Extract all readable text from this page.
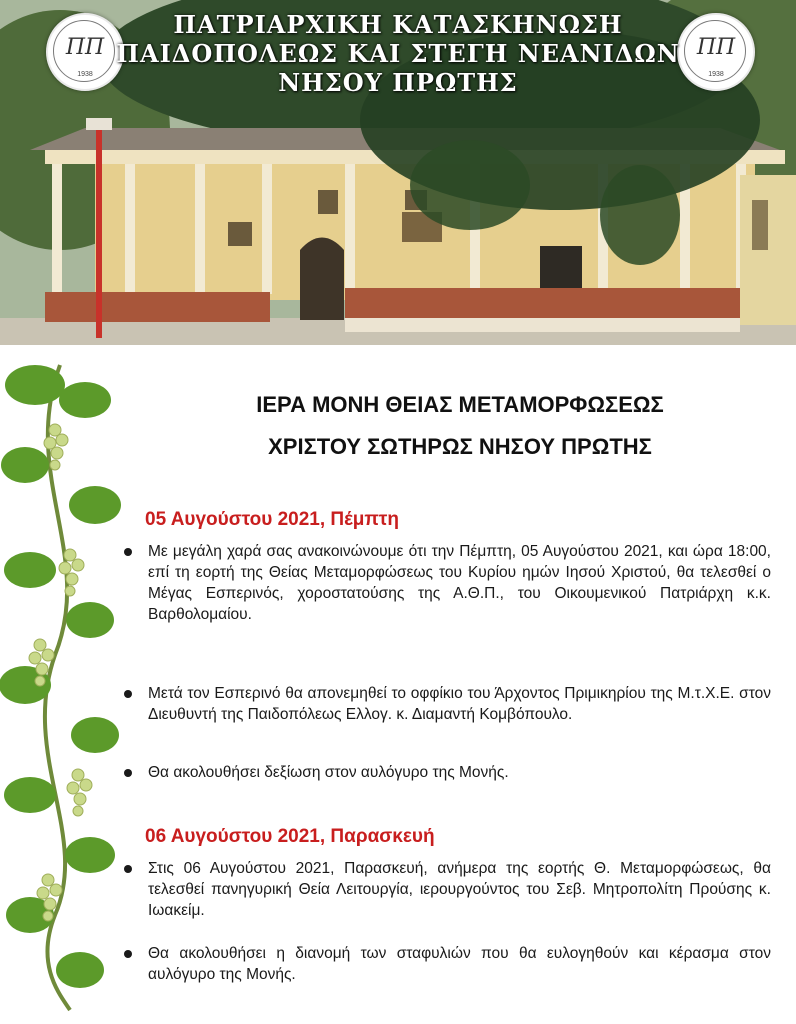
ΠΠ
1938
ΠΠ
1938
ΠΑΤΡΙΑΡΧΙΚΗ ΚΑΤΑΣΚΗΝΩΣΗ
ΠΑΙΔΟΠΟΛΕΩΣ ΚΑΙ ΣΤΕΓΗ ΝΕΑΝΙΔΩΝ
ΝΗΣΟΥ ΠΡΩΤΗΣ
ΙΕΡΑ ΜΟΝΗ ΘΕΙΑΣ ΜΕΤΑΜΟΡΦΩΣΕΩΣ
ΧΡΙΣΤΟΥ ΣΩΤΗΡΩΣ ΝΗΣΟΥ ΠΡΩΤΗΣ
05 Αυγούστου 2021, Πέμπτη
Με μεγάλη χαρά σας ανακοινώνουμε ότι την Πέμπτη, 05 Αυγούστου 2021, και ώρα 18:00, επί τη εορτή της Θείας Μεταμορφώσεως του Κυρίου ημών Ιησού Χριστού, θα τελεσθεί ο Μέγας Εσπερινός, χοροστατούσης της Α.Θ.Π., του Οικουμενικού Πατριάρχη κ.κ. Βαρθολομαίου.
Μετά τον Εσπερινό θα απονεμηθεί το οφφίκιο του Άρχοντος Πριμικηρίου της Μ.τ.Χ.Ε. στον Διευθυντή της Παιδοπόλεως Ελλογ. κ. Διαμαντή Κομβόπουλο.
Θα ακολουθήσει δεξίωση στον αυλόγυρο της Μονής.
06 Αυγούστου 2021, Παρασκευή
Στις 06 Αυγούστου 2021, Παρασκευή, ανήμερα της εορτής Θ. Μεταμορφώσεως, θα τελεσθεί πανηγυρική Θεία Λειτουργία, ιερουργούντος του Σεβ. Μητροπολίτη Προύσης κ. Ιωακείμ.
Θα ακολουθήσει η διανομή των σταφυλιών που θα ευλογηθούν και κέρασμα στον αυλόγυρο της Μονής.
